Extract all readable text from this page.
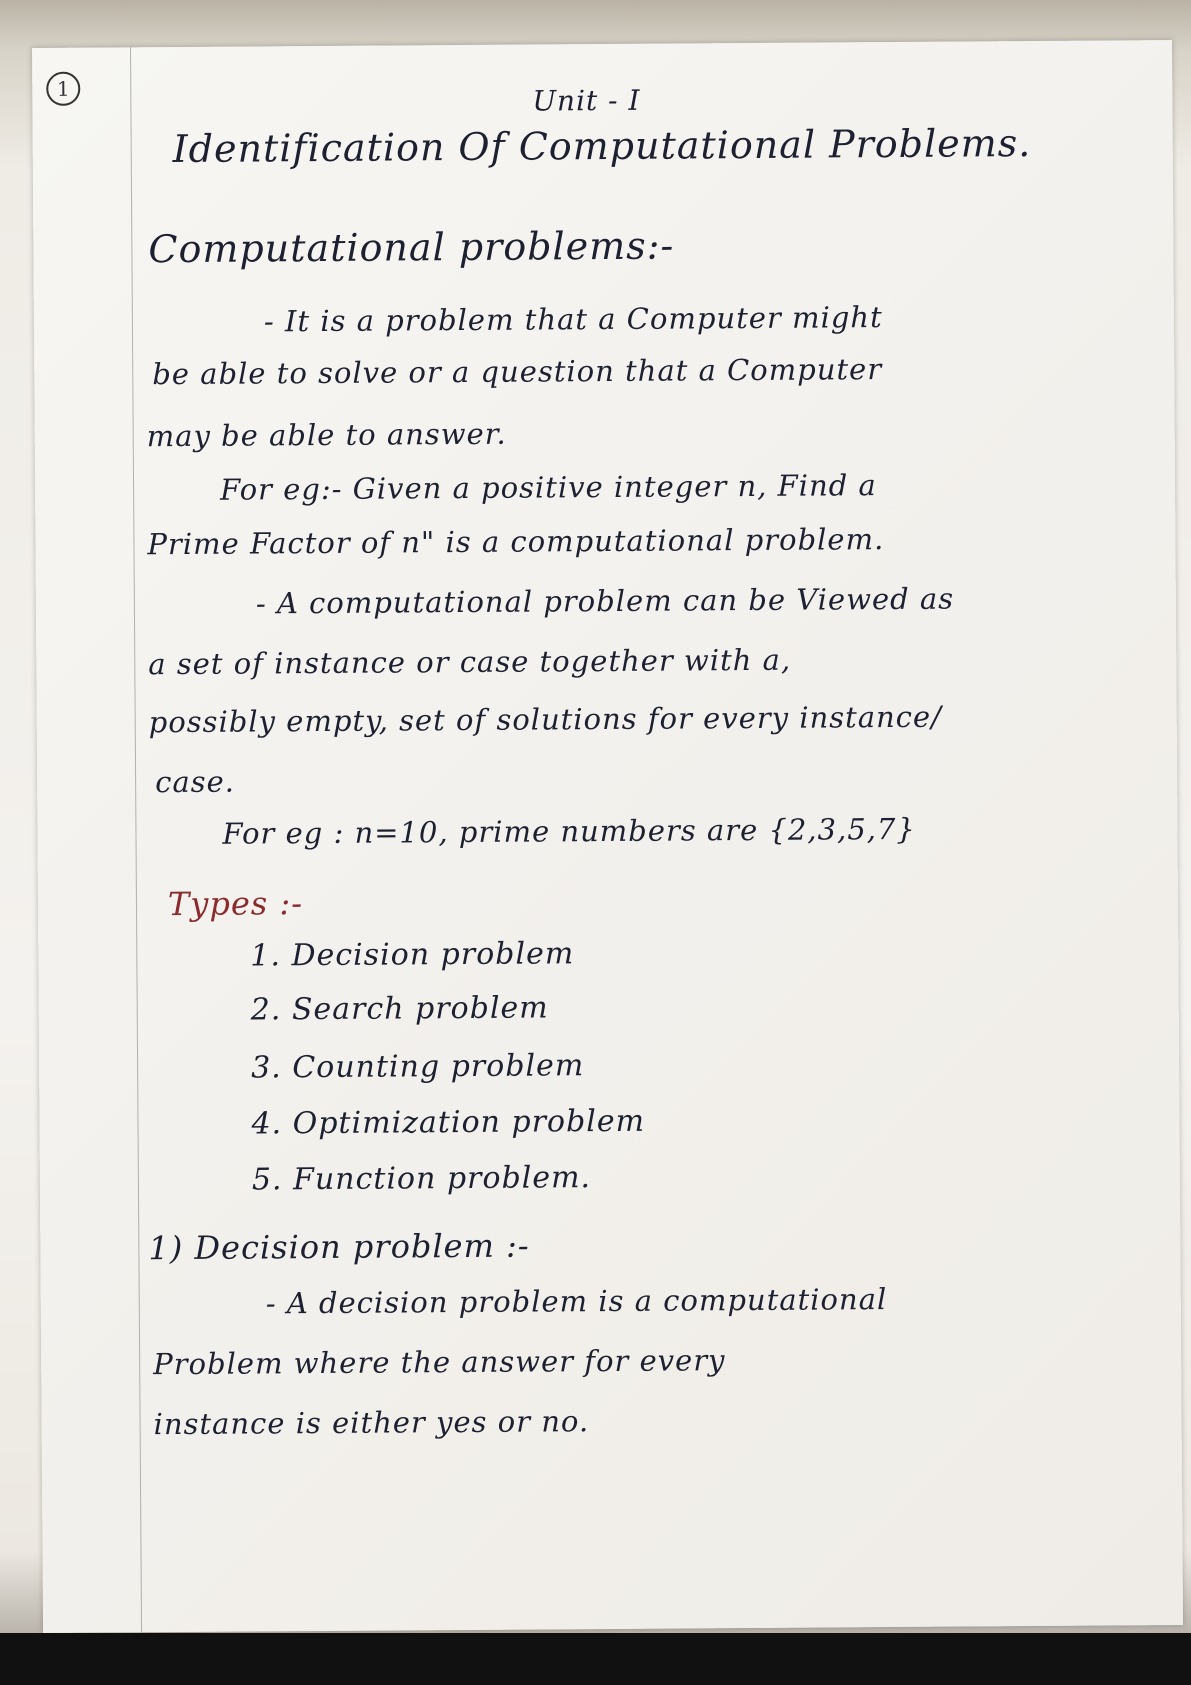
1	Unit - I
Identification Of Computational Problems.
Computational problems:-
- It is a problem that a Computer might
be able to solve or a question that a Computer
may be able to answer.
For eg:- Given a positive integer n, Find a
Prime Factor of n" is a computational problem.
- A computational problem can be Viewed as
a set of instance or case together with a,
possibly empty, set of solutions for every instance/
case.
For eg : n=10, prime numbers are {2,3,5,7}
Types :-
1. Decision problem
2. Search problem
3. Counting problem
4. Optimization problem
5. Function problem.
1) Decision problem :-
- A decision problem is a computational
Problem where the answer for every
instance is either yes or no.
